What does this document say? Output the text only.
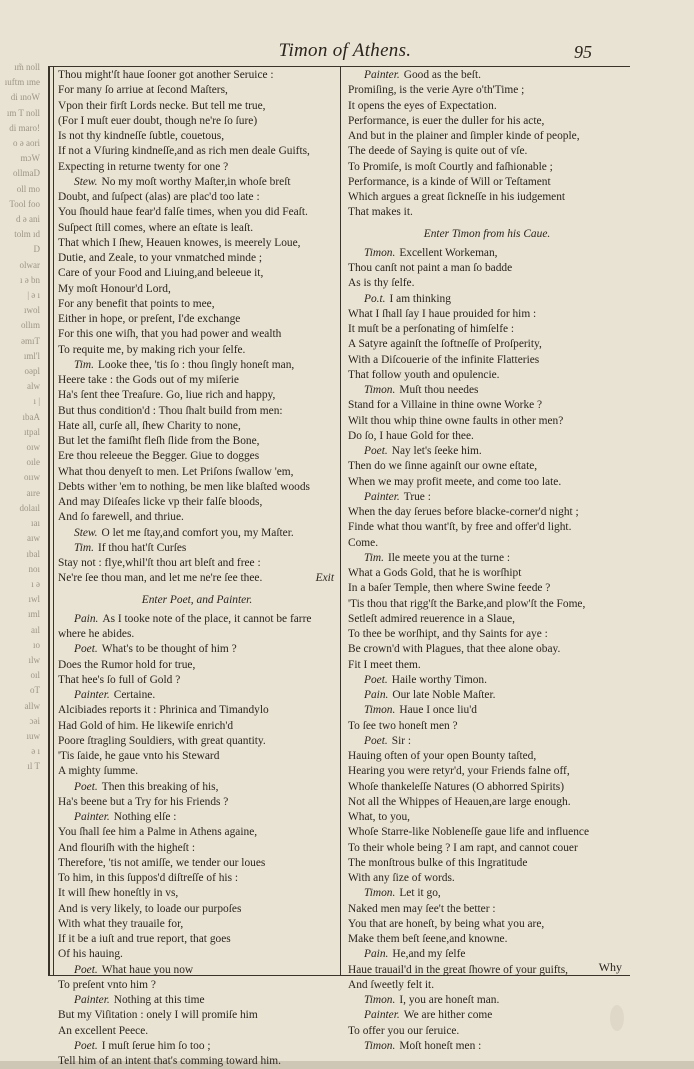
ım̃ noll
ıuftm ıme
di ınoW
ım T noll
di maro!
o ǝ aori
mɔW
ollmaD
oll mo
Tool foo
d ǝ ani
tolm ıd
D
olwar
ı ǝ bn
| ǝ ı
ıwol
ollım
ǝmıT
ıml'l
oǝpl
alw
ı |
ıbaA
ıtpal
oıw
oıle
oııw
aıre
dolaıl
ıaı
aıw
ıbal
noı
ı ǝ
ıwl
ıml
aıl
ıo
ılw
oıl
oT
allw
ɔǝi
ıuw
ǝ ı
ıl T
Timon of Athens.	95
Thou might'ſt haue ſooner got another Seruice :
For many ſo arriue at ſecond Maſters,
Vpon their firſt Lords necke. But tell me true,
(For I muſt euer doubt, though ne're ſo ſure)
Is not thy kindneſſe ſubtle, couetous,
If not a Vſuring kindneſſe,and as rich men deale Guifts,
Expecting in returne twenty for one ?
Stew. No my moſt worthy Maſter,in whoſe breſt
Doubt, and ſuſpect (alas) are plac'd too late :
You ſhould haue fear'd falſe times, when you did Feaſt.
Suſpect ſtill comes, where an eſtate is leaſt.
That which I ſhew, Heauen knowes, is meerely Loue,
Dutie, and Zeale, to your vnmatched minde ;
Care of your Food and Liuing,and beleeue it,
My moſt Honour'd Lord,
For any benefit that points to mee,
Either in hope, or preſent, I'de exchange
For this one wiſh, that you had power and wealth
To requite me, by making rich your ſelfe.
Tim. Looke thee, 'tis ſo : thou ſingly honeſt man,
Heere take : the Gods out of my miſerie
Ha's ſent thee Treaſure. Go, liue rich and happy,
But thus condition'd : Thou ſhalt build from men:
Hate all, curſe all, ſhew Charity to none,
But let the famiſht fleſh ſlide from the Bone,
Ere thou releeue the Begger. Giue to dogges
What thou denyeſt to men. Let Priſons ſwallow 'em,
Debts wither 'em to nothing, be men like blaſted woods
And may Diſeaſes licke vp their falſe bloods,
And ſo farewell, and thriue.
Stew. O let me ſtay,and comfort you, my Maſter.
Tim. If thou hat'ſt Curſes
Stay not : flye,whil'ſt thou art bleſt and free :
Ne're ſee thou man, and let me ne're ſee thee.	Exit
Enter Poet, and Painter.
Pain. As I tooke note of the place, it cannot be farre
where he abides.
Poet. What's to be thought of him ?
Does the Rumor hold for true,
That hee's ſo full of Gold ?
Painter. Certaine.
Alcibiades reports it : Phrinica and Timandylo
Had Gold of him. He likewiſe enrich'd
Poore ſtragling Souldiers, with great quantity.
'Tis ſaide, he gaue vnto his Steward
A mighty ſumme.
Poet. Then this breaking of his,
Ha's beene but a Try for his Friends ?
Painter. Nothing elſe :
You ſhall ſee him a Palme in Athens againe,
And flouriſh with the higheſt :
Therefore, 'tis not amiſſe, we tender our loues
To him, in this ſuppos'd diſtreſſe of his :
It will ſhew honeſtly in vs,
And is very likely, to loade our purpoſes
With what they trauaile for,
If it be a iuſt and true report, that goes
Of his hauing.
Poet. What haue you now
To preſent vnto him ?
Painter. Nothing at this time
But my Viſitation : onely I will promiſe him
An excellent Peece.
Poet. I muſt ſerue him ſo too ;
Tell him of an intent that's comming toward him.
Painter. Good as the beſt.
Promiſing, is the verie Ayre o'th'Time ;
It opens the eyes of Expectation.
Performance, is euer the duller for his acte,
And but in the plainer and ſimpler kinde of people,
The deede of Saying is quite out of vſe.
To Promiſe, is moſt Courtly and faſhionable ;
Performance, is a kinde of Will or Teſtament
Which argues a great ſickneſſe in his iudgement
That makes it.
Enter Timon from his Caue.
Timon. Excellent Workeman,
Thou canſt not paint a man ſo badde
As is thy ſelfe.
Po.t. I am thinking
What I ſhall ſay I haue prouided for him :
It muſt be a perſonating of himſelfe :
A Satyre againſt the ſoftneſſe of Proſperity,
With a Diſcouerie of the infinite Flatteries
That follow youth and opulencie.
Timon. Muſt thou needes
Stand for a Villaine in thine owne Worke ?
Wilt thou whip thine owne faults in other men?
Do ſo, I haue Gold for thee.
Poet. Nay let's ſeeke him.
Then do we ſinne againſt our owne eſtate,
When we may profit meete, and come too late.
Painter. True :
When the day ſerues before blacke-corner'd night ;
Finde what thou want'ſt, by free and offer'd light.
Come.
Tim. Ile meete you at the turne :
What a Gods Gold, that he is worſhipt
In a baſer Temple, then where Swine feede ?
'Tis thou that rigg'ſt the Barke,and plow'ſt the Fome,
Setleſt admired reuerence in a Slaue,
To thee be worſhipt, and thy Saints for aye :
Be crown'd with Plagues, that thee alone obay.
Fit I meet them.
Poet. Haile worthy Timon.
Pain. Our late Noble Maſter.
Timon. Haue I once liu'd
To ſee two honeſt men ?
Poet. Sir :
Hauing often of your open Bounty taſted,
Hearing you were retyr'd, your Friends falne off,
Whoſe thankeleſſe Natures (O abhorred Spirits)
Not all the Whippes of Heauen,are large enough.
What, to you,
Whoſe Starre-like Nobleneſſe gaue life and influence
To their whole being ? I am rapt, and cannot couer
The monſtrous bulke of this Ingratitude
With any ſize of words.
Timon. Let it go,
Naked men may ſee't the better :
You that are honeſt, by being what you are,
Make them beſt ſeene,and knowne.
Pain. He,and my ſelfe
Haue trauail'd in the great ſhowre of your guifts,
And ſweetly felt it.
Timon. I, you are honeſt man.
Painter. We are hither come
To offer you our ſeruice.
Timon. Moſt honeſt men :
Why
